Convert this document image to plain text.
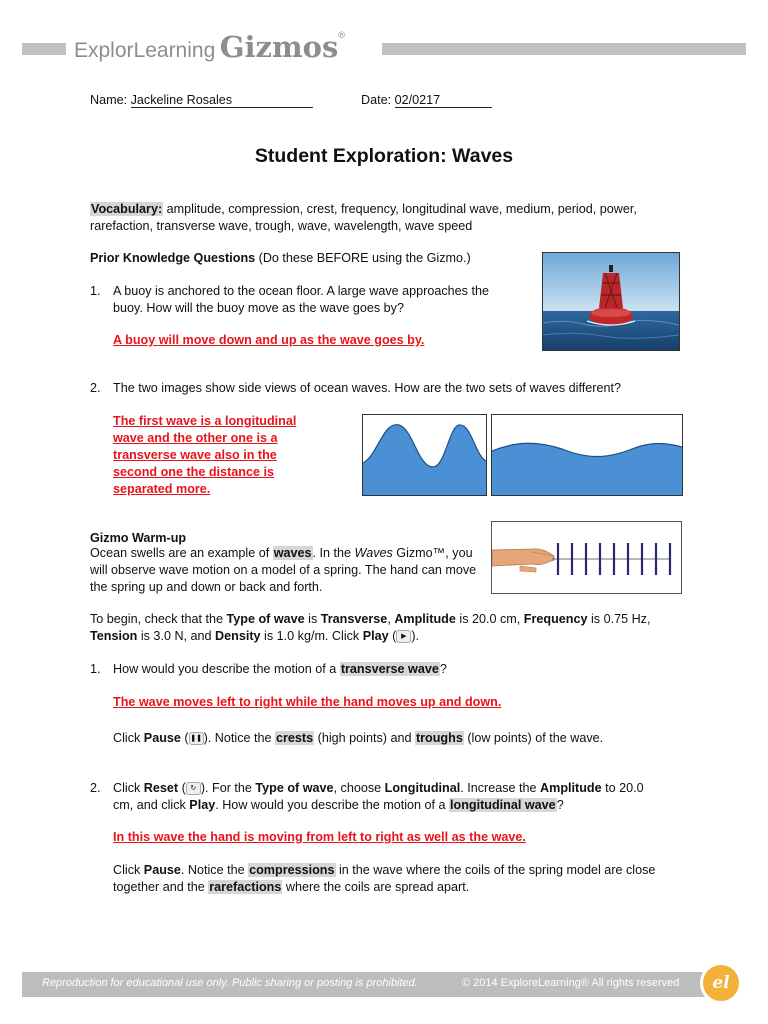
ExplorLearning Gizmos®
Name: Jackeline Rosales	Date: 02/0217
Student Exploration: Waves
Vocabulary: amplitude, compression, crest, frequency, longitudinal wave, medium, period, power, rarefaction, transverse wave, trough, wave, wavelength, wave speed
Prior Knowledge Questions (Do these BEFORE using the Gizmo.)
1. A buoy is anchored to the ocean floor. A large wave approaches the buoy. How will the buoy move as the wave goes by?
A buoy will move down and up as the wave goes by.
2. The two images show side views of ocean waves. How are the two sets of waves different?
The first wave is a longitudinal wave and the other one is a transverse wave also in the second one the distance is separated more.
Gizmo Warm-up
Ocean swells are an example of waves. In the Waves Gizmo™, you will observe wave motion on a model of a spring. The hand can move the spring up and down or back and forth.
To begin, check that the Type of wave is Transverse, Amplitude is 20.0 cm, Frequency is 0.75 Hz, Tension is 3.0 N, and Density is 1.0 kg/m. Click Play ( ▶ ).
1. How would you describe the motion of a transverse wave?
The wave moves left to right while the hand moves up and down.
Click Pause ( ❚❚ ). Notice the crests (high points) and troughs (low points) of the wave.
2. Click Reset ( ↻ ). For the Type of wave, choose Longitudinal. Increase the Amplitude to 20.0 cm, and click Play. How would you describe the motion of a longitudinal wave?
In this wave the hand is moving from left to right as well as the wave.
Click Pause. Notice the compressions in the wave where the coils of the spring model are close together and the rarefactions where the coils are spread apart.
Reproduction for educational use only. Public sharing or posting is prohibited.	© 2014 ExploreLearning® All rights reserved	el
